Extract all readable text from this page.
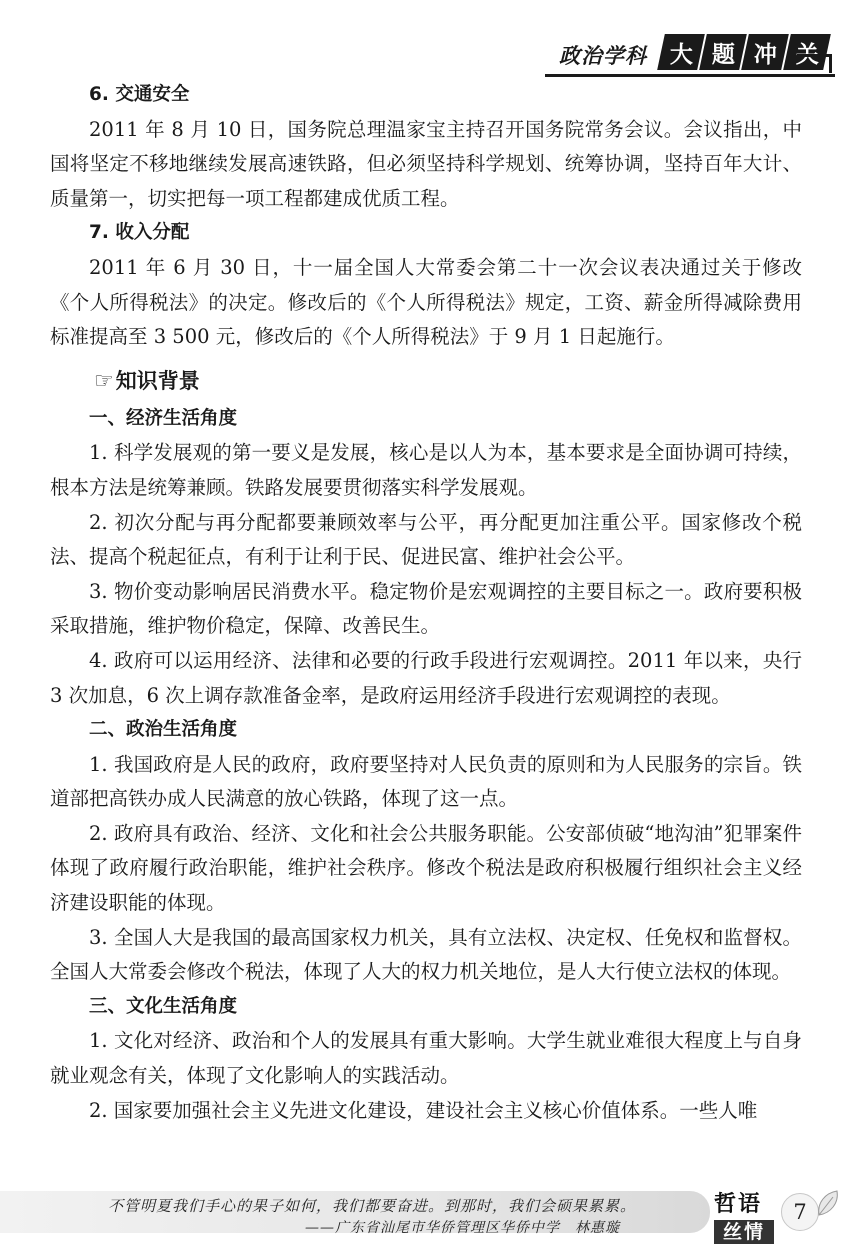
政治学科 大 题 冲 关

6. 交通安全

2011 年 8 月 10 日，国务院总理温家宝主持召开国务院常务会议。会议指出，中国将坚定不移地继续发展高速铁路，但必须坚持科学规划、统筹协调，坚持百年大计、质量第一，切实把每一项工程都建成优质工程。

7. 收入分配

2011 年 6 月 30 日，十一届全国人大常委会第二十一次会议表决通过关于修改《个人所得税法》的决定。修改后的《个人所得税法》规定，工资、薪金所得减除费用标准提高至 3 500 元，修改后的《个人所得税法》于 9 月 1 日起施行。

☞知识背景

一、经济生活角度

1. 科学发展观的第一要义是发展，核心是以人为本，基本要求是全面协调可持续，根本方法是统筹兼顾。铁路发展要贯彻落实科学发展观。

2. 初次分配与再分配都要兼顾效率与公平，再分配更加注重公平。国家修改个税法、提高个税起征点，有利于让利于民、促进民富、维护社会公平。

3. 物价变动影响居民消费水平。稳定物价是宏观调控的主要目标之一。政府要积极采取措施，维护物价稳定，保障、改善民生。

4. 政府可以运用经济、法律和必要的行政手段进行宏观调控。2011 年以来，央行 3 次加息，6 次上调存款准备金率，是政府运用经济手段进行宏观调控的表现。

二、政治生活角度

1. 我国政府是人民的政府，政府要坚持对人民负责的原则和为人民服务的宗旨。铁道部把高铁办成人民满意的放心铁路，体现了这一点。

2. 政府具有政治、经济、文化和社会公共服务职能。公安部侦破“地沟油”犯罪案件体现了政府履行政治职能，维护社会秩序。修改个税法是政府积极履行组织社会主义经济建设职能的体现。

3. 全国人大是我国的最高国家权力机关，具有立法权、决定权、任免权和监督权。全国人大常委会修改个税法，体现了人大的权力机关地位，是人大行使立法权的体现。

三、文化生活角度

1. 文化对经济、政治和个人的发展具有重大影响。大学生就业难很大程度上与自身就业观念有关，体现了文化影响人的实践活动。

2. 国家要加强社会主义先进文化建设，建设社会主义核心价值体系。一些人唯

不管明夏我们手心的果子如何，我们都要奋进。到那时，我们会硕果累累。
——广东省汕尾市华侨管理区华侨中学　林惠璇
哲语
丝情
7
